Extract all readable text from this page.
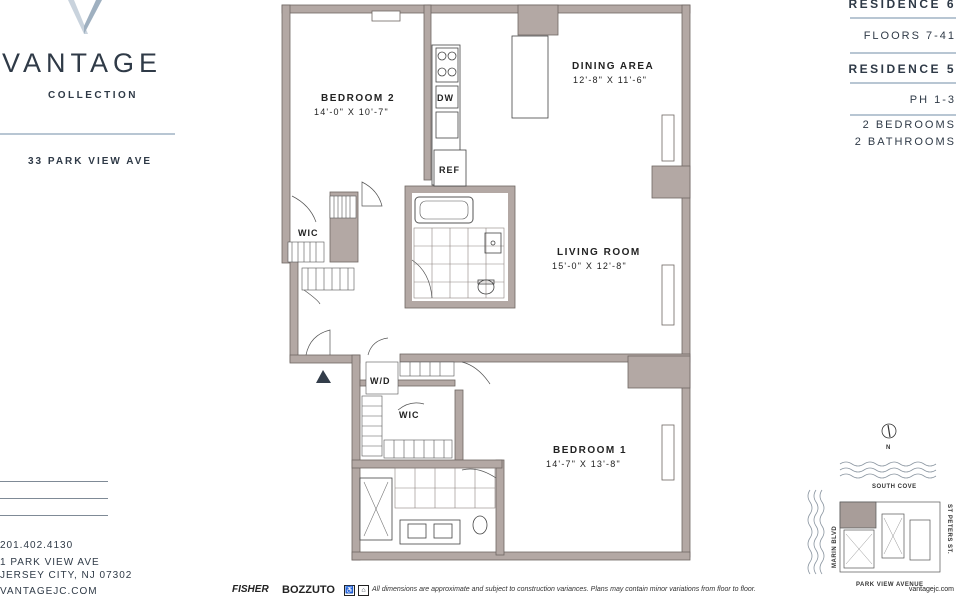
VANTAGE
COLLECTION
33 PARK VIEW AVE
201.402.4130
1 PARK VIEW AVE
JERSEY CITY, NJ 07302
VANTAGEJC.COM
RESIDENCE 6
FLOORS 7-41
RESIDENCE 5
PH 1-3
2 BEDROOMS
2 BATHROOMS
BEDROOM 2
14'-0" X 10'-7"
DINING AREA
12'-8" X 11'-6"
LIVING ROOM
15'-0" X 12'-8"
BEDROOM 1
14'-7" X 13'-8"
WIC
WIC
DW
REF
W/D
N
SOUTH COVE
PARK VIEW AVENUE
MARIN BLVD	ST PETERS ST.
FISHER BOZZUTO ♿	⌂ All dimensions are approximate and subject to construction variances. Plans may contain minor variations from floor to floor.	vantagejc.com
